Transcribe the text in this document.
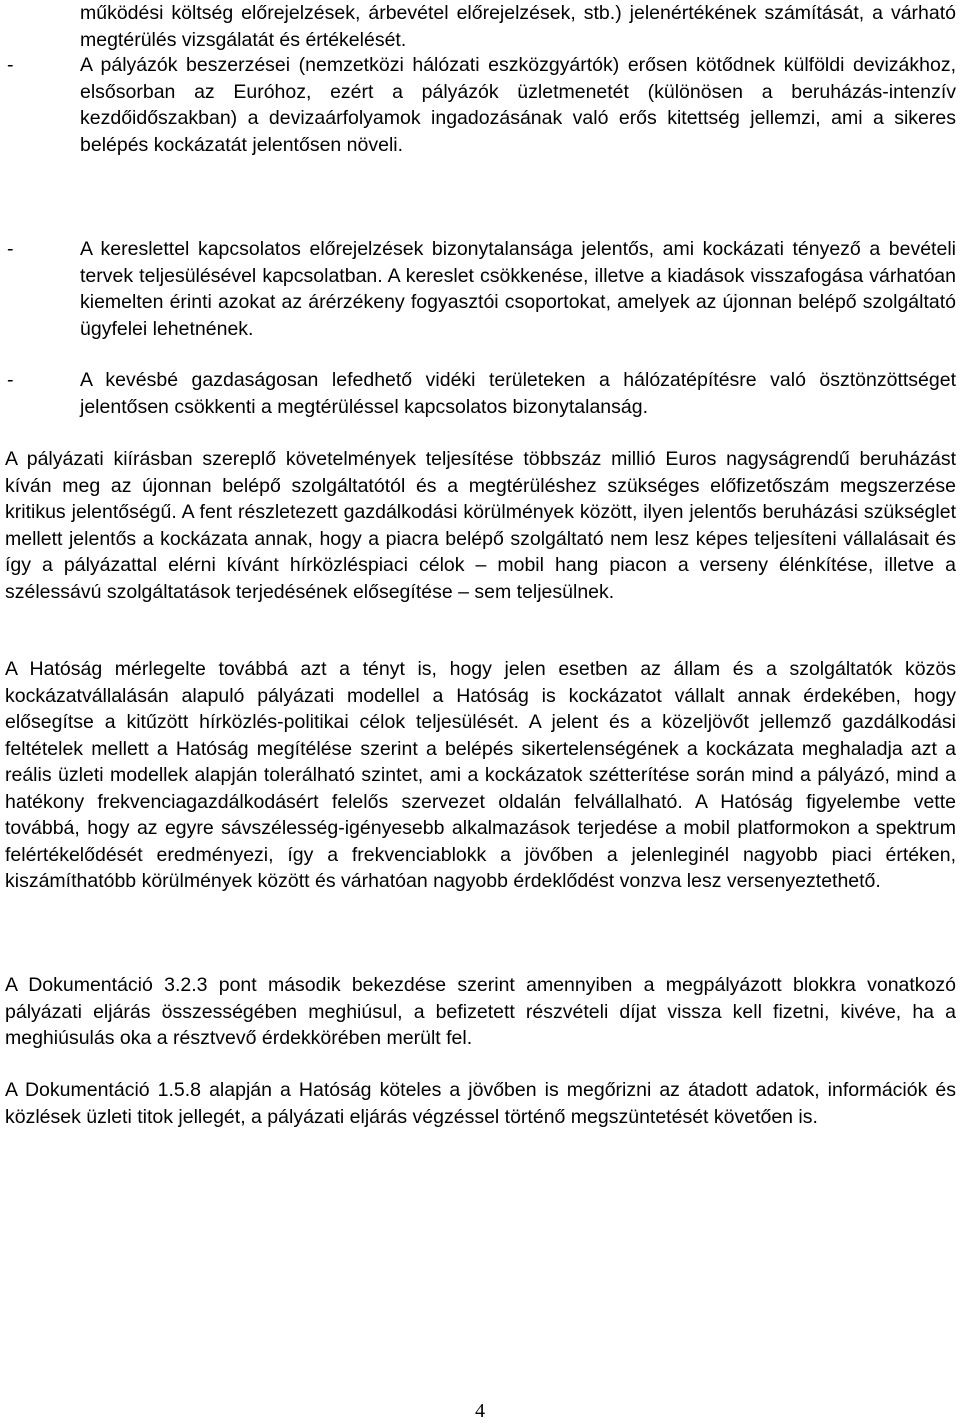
működési költség előrejelzések, árbevétel előrejelzések, stb.) jelenértékének számítását, a várható megtérülés vizsgálatát és értékelését.

-	A pályázók beszerzései (nemzetközi hálózati eszközgyártók) erősen kötődnek külföldi devizákhoz, elsősorban az Euróhoz, ezért a pályázók üzletmenetét (különösen a beruházás-intenzív kezdőidőszakban) a devizaárfolyamok ingadozásának való erős kitettség jellemzi, ami a sikeres belépés kockázatát jelentősen növeli.

-	A kereslettel kapcsolatos előrejelzések bizonytalansága jelentős, ami kockázati tényező a bevételi tervek teljesülésével kapcsolatban. A kereslet csökkenése, illetve a kiadások visszafogása várhatóan kiemelten érinti azokat az árérzékeny fogyasztói csoportokat, amelyek az újonnan belépő szolgáltató ügyfelei lehetnének.

-	A kevésbé gazdaságosan lefedhető vidéki területeken a hálózatépítésre való ösztönzöttséget jelentősen csökkenti a megtérüléssel kapcsolatos bizonytalanság.

A pályázati kiírásban szereplő követelmények teljesítése többszáz millió Euros nagyságrendű beruházást kíván meg az újonnan belépő szolgáltatótól és a megtérüléshez szükséges előfizetőszám megszerzése kritikus jelentőségű. A fent részletezett gazdálkodási körülmények között, ilyen jelentős beruházási szükséglet mellett jelentős a kockázata annak, hogy a piacra belépő szolgáltató nem lesz képes teljesíteni vállalásait és így a pályázattal elérni kívánt hírközléspiaci célok – mobil hang piacon a verseny élénkítése, illetve a szélessávú szolgáltatások terjedésének elősegítése – sem teljesülnek.

A Hatóság mérlegelte továbbá azt a tényt is, hogy jelen esetben az állam és a szolgáltatók közös kockázatvállalásán alapuló pályázati modellel a Hatóság is kockázatot vállalt annak érdekében, hogy elősegítse a kitűzött hírközlés-politikai célok teljesülését. A jelent és a közeljövőt jellemző gazdálkodási feltételek mellett a Hatóság megítélése szerint a belépés sikertelenségének a kockázata meghaladja azt a reális üzleti modellek alapján tolerálható szintet, ami a kockázatok szétterítése során mind a pályázó, mind a hatékony frekvenciagazdálkodásért felelős szervezet oldalán felvállalható. A Hatóság figyelembe vette továbbá, hogy az egyre sávszélesség-igényesebb alkalmazások terjedése a mobil platformokon a spektrum felértékelődését eredményezi, így a frekvenciablokk a jövőben a jelenleginél nagyobb piaci értéken, kiszámíthatóbb körülmények között és várhatóan nagyobb érdeklődést vonzva lesz versenyeztethető.

A Dokumentáció 3.2.3 pont második bekezdése szerint amennyiben a megpályázott blokkra vonatkozó pályázati eljárás összességében meghiúsul, a befizetett részvételi díjat vissza kell fizetni, kivéve, ha a meghiúsulás oka a résztvevő érdekkörében merült fel.

A Dokumentáció 1.5.8 alapján a Hatóság köteles a jövőben is megőrizni az átadott adatok, információk és közlések üzleti titok jellegét, a pályázati eljárás végzéssel történő megszüntetését követően is.

4
